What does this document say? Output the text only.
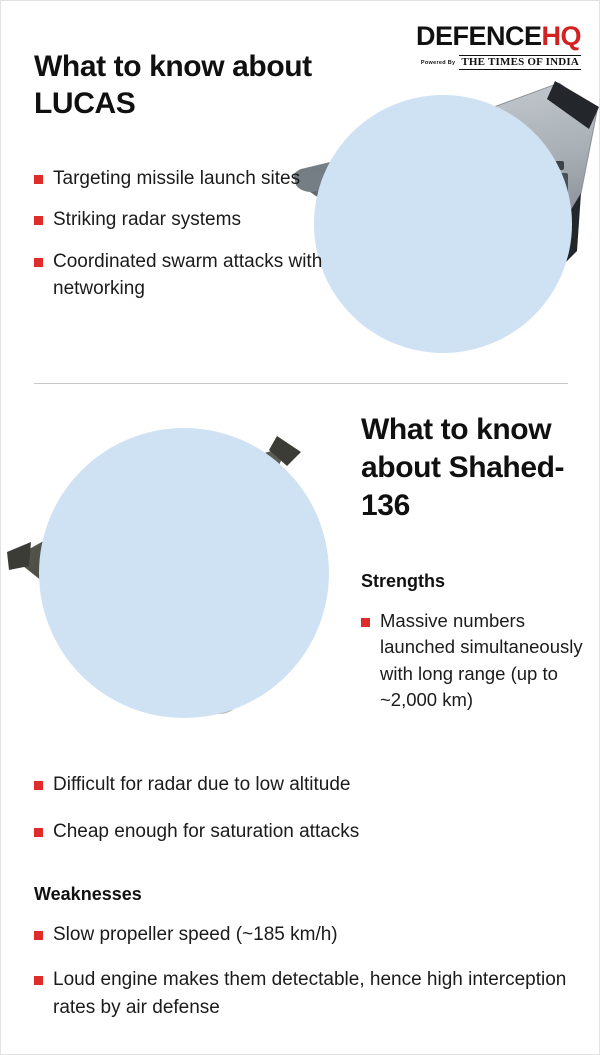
DEFENCEHQ
Powered By THE TIMES OF INDIA
What to know about LUCAS
Targeting missile launch sites
Striking radar systems
Coordinated swarm attacks with networking
What to know about Shahed-136
Strengths
Massive numbers launched simultaneously with long range (up to ~2,000 km)
Difficult for radar due to low altitude
Cheap enough for saturation attacks
Weaknesses
Slow propeller speed (~185 km/h)
Loud engine makes them detectable, hence high interception rates by air defense
